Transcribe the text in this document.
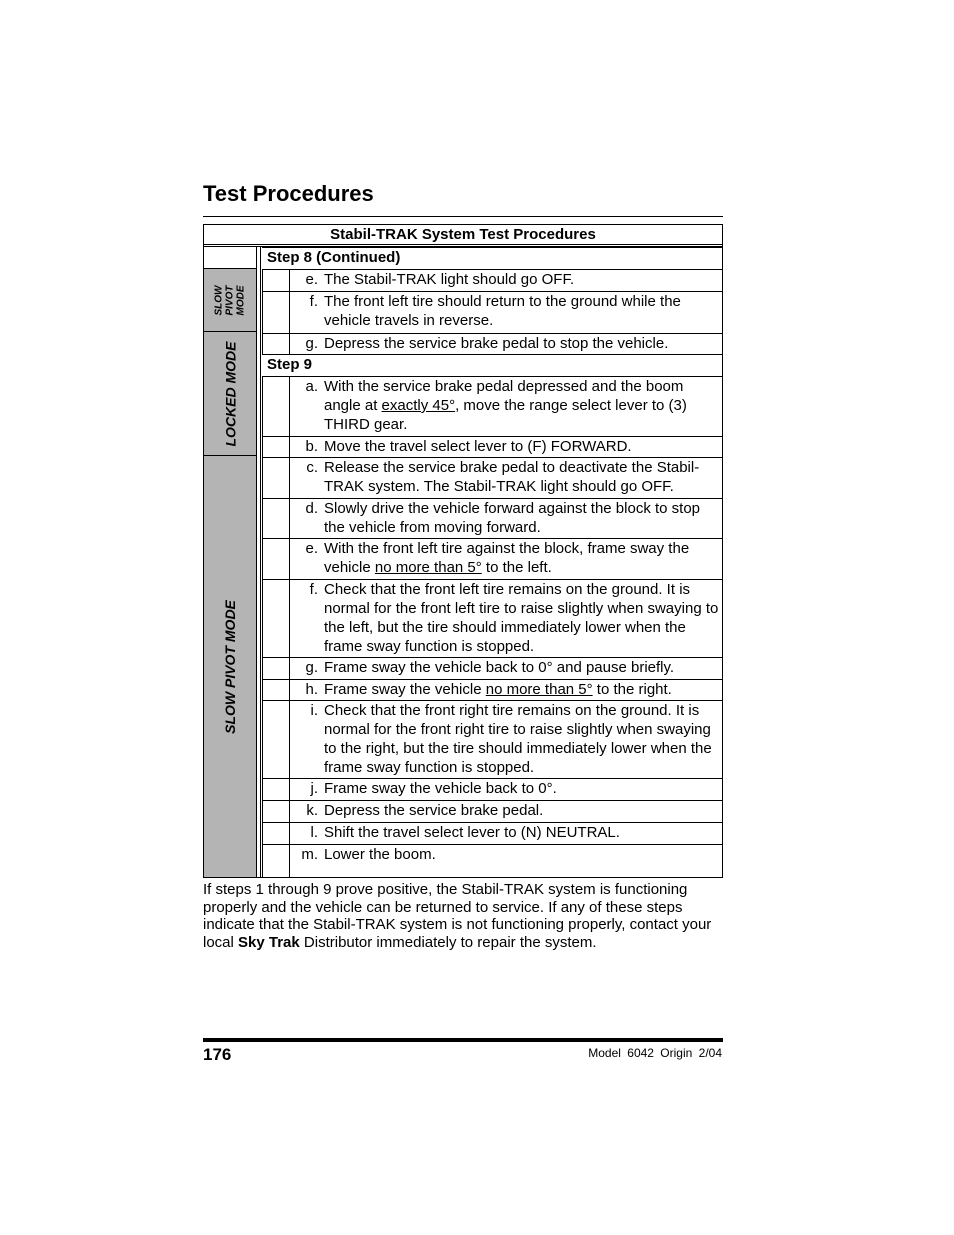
Test Procedures
Stabil-TRAK System Test Procedures
SLOW PIVOT MODE
LOCKED MODE
SLOW PIVOT MODE
Step 8 (Continued)
e. The Stabil-TRAK light should go OFF.
f. The front left tire should return to the ground while the vehicle travels in reverse.
g. Depress the service brake pedal to stop the vehicle.
Step 9
a. With the service brake pedal depressed and the boom angle at exactly 45°, move the range select lever to (3) THIRD gear.
b. Move the travel select lever to (F) FORWARD.
c. Release the service brake pedal to deactivate the Stabil-TRAK system. The Stabil-TRAK light should go OFF.
d. Slowly drive the vehicle forward against the block to stop the vehicle from moving forward.
e. With the front left tire against the block, frame sway the vehicle no more than 5° to the left.
f. Check that the front left tire remains on the ground. It is normal for the front left tire to raise slightly when swaying to the left, but the tire should immediately lower when the frame sway function is stopped.
g. Frame sway the vehicle back to 0° and pause briefly.
h. Frame sway the vehicle no more than 5° to the right.
i. Check that the front right tire remains on the ground. It is normal for the front right tire to raise slightly when swaying to the right, but the tire should immediately lower when the frame sway function is stopped.
j. Frame sway the vehicle back to 0°.
k. Depress the service brake pedal.
l. Shift the travel select lever to (N) NEUTRAL.
m. Lower the boom.
If steps 1 through 9 prove positive, the Stabil-TRAK system is functioning properly and the vehicle can be returned to service. If any of these steps indicate that the Stabil-TRAK system is not functioning properly, contact your local Sky Trak Distributor immediately to repair the system.
176	Model 6042 Origin 2/04
